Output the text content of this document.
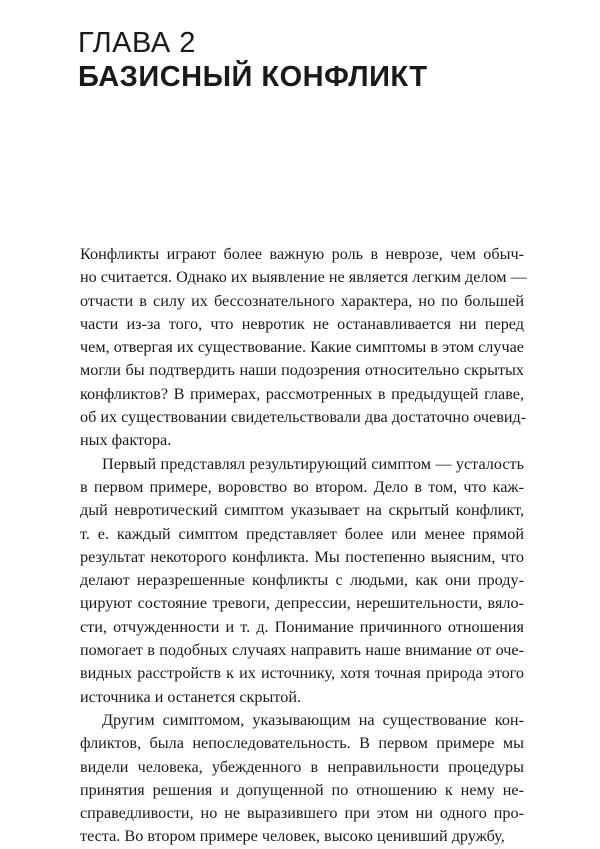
ГЛАВА 2
БАЗИСНЫЙ КОНФЛИКТ
Конфликты играют более важную роль в неврозе, чем обыч-
но считается. Однако их выявление не является легким делом —
отчасти в силу их бессознательного характера, но по большей
части из-за того, что невротик не останавливается ни перед
чем, отвергая их существование. Какие симптомы в этом случае
могли бы подтвердить наши подозрения относительно скрытых
конфликтов? В примерах, рассмотренных в предыдущей главе,
об их существовании свидетельствовали два достаточно очевид-
ных фактора.
Первый представлял результирующий симптом — усталость
в первом примере, воровство во втором. Дело в том, что каж-
дый невротический симптом указывает на скрытый конфликт,
т. е. каждый симптом представляет более или менее прямой
результат некоторого конфликта. Мы постепенно выясним, что
делают неразрешенные конфликты с людьми, как они проду-
цируют состояние тревоги, депрессии, нерешительности, вяло-
сти, отчужденности и т. д. Понимание причинного отношения
помогает в подобных случаях направить наше внимание от оче-
видных расстройств к их источнику, хотя точная природа этого
источника и останется скрытой.
Другим симптомом, указывающим на существование кон-
фликтов, была непоследовательность. В первом примере мы
видели человека, убежденного в неправильности процедуры
принятия решения и допущенной по отношению к нему не-
справедливости, но не выразившего при этом ни одного про-
теста. Во втором примере человек, высоко ценивший дружбу,
